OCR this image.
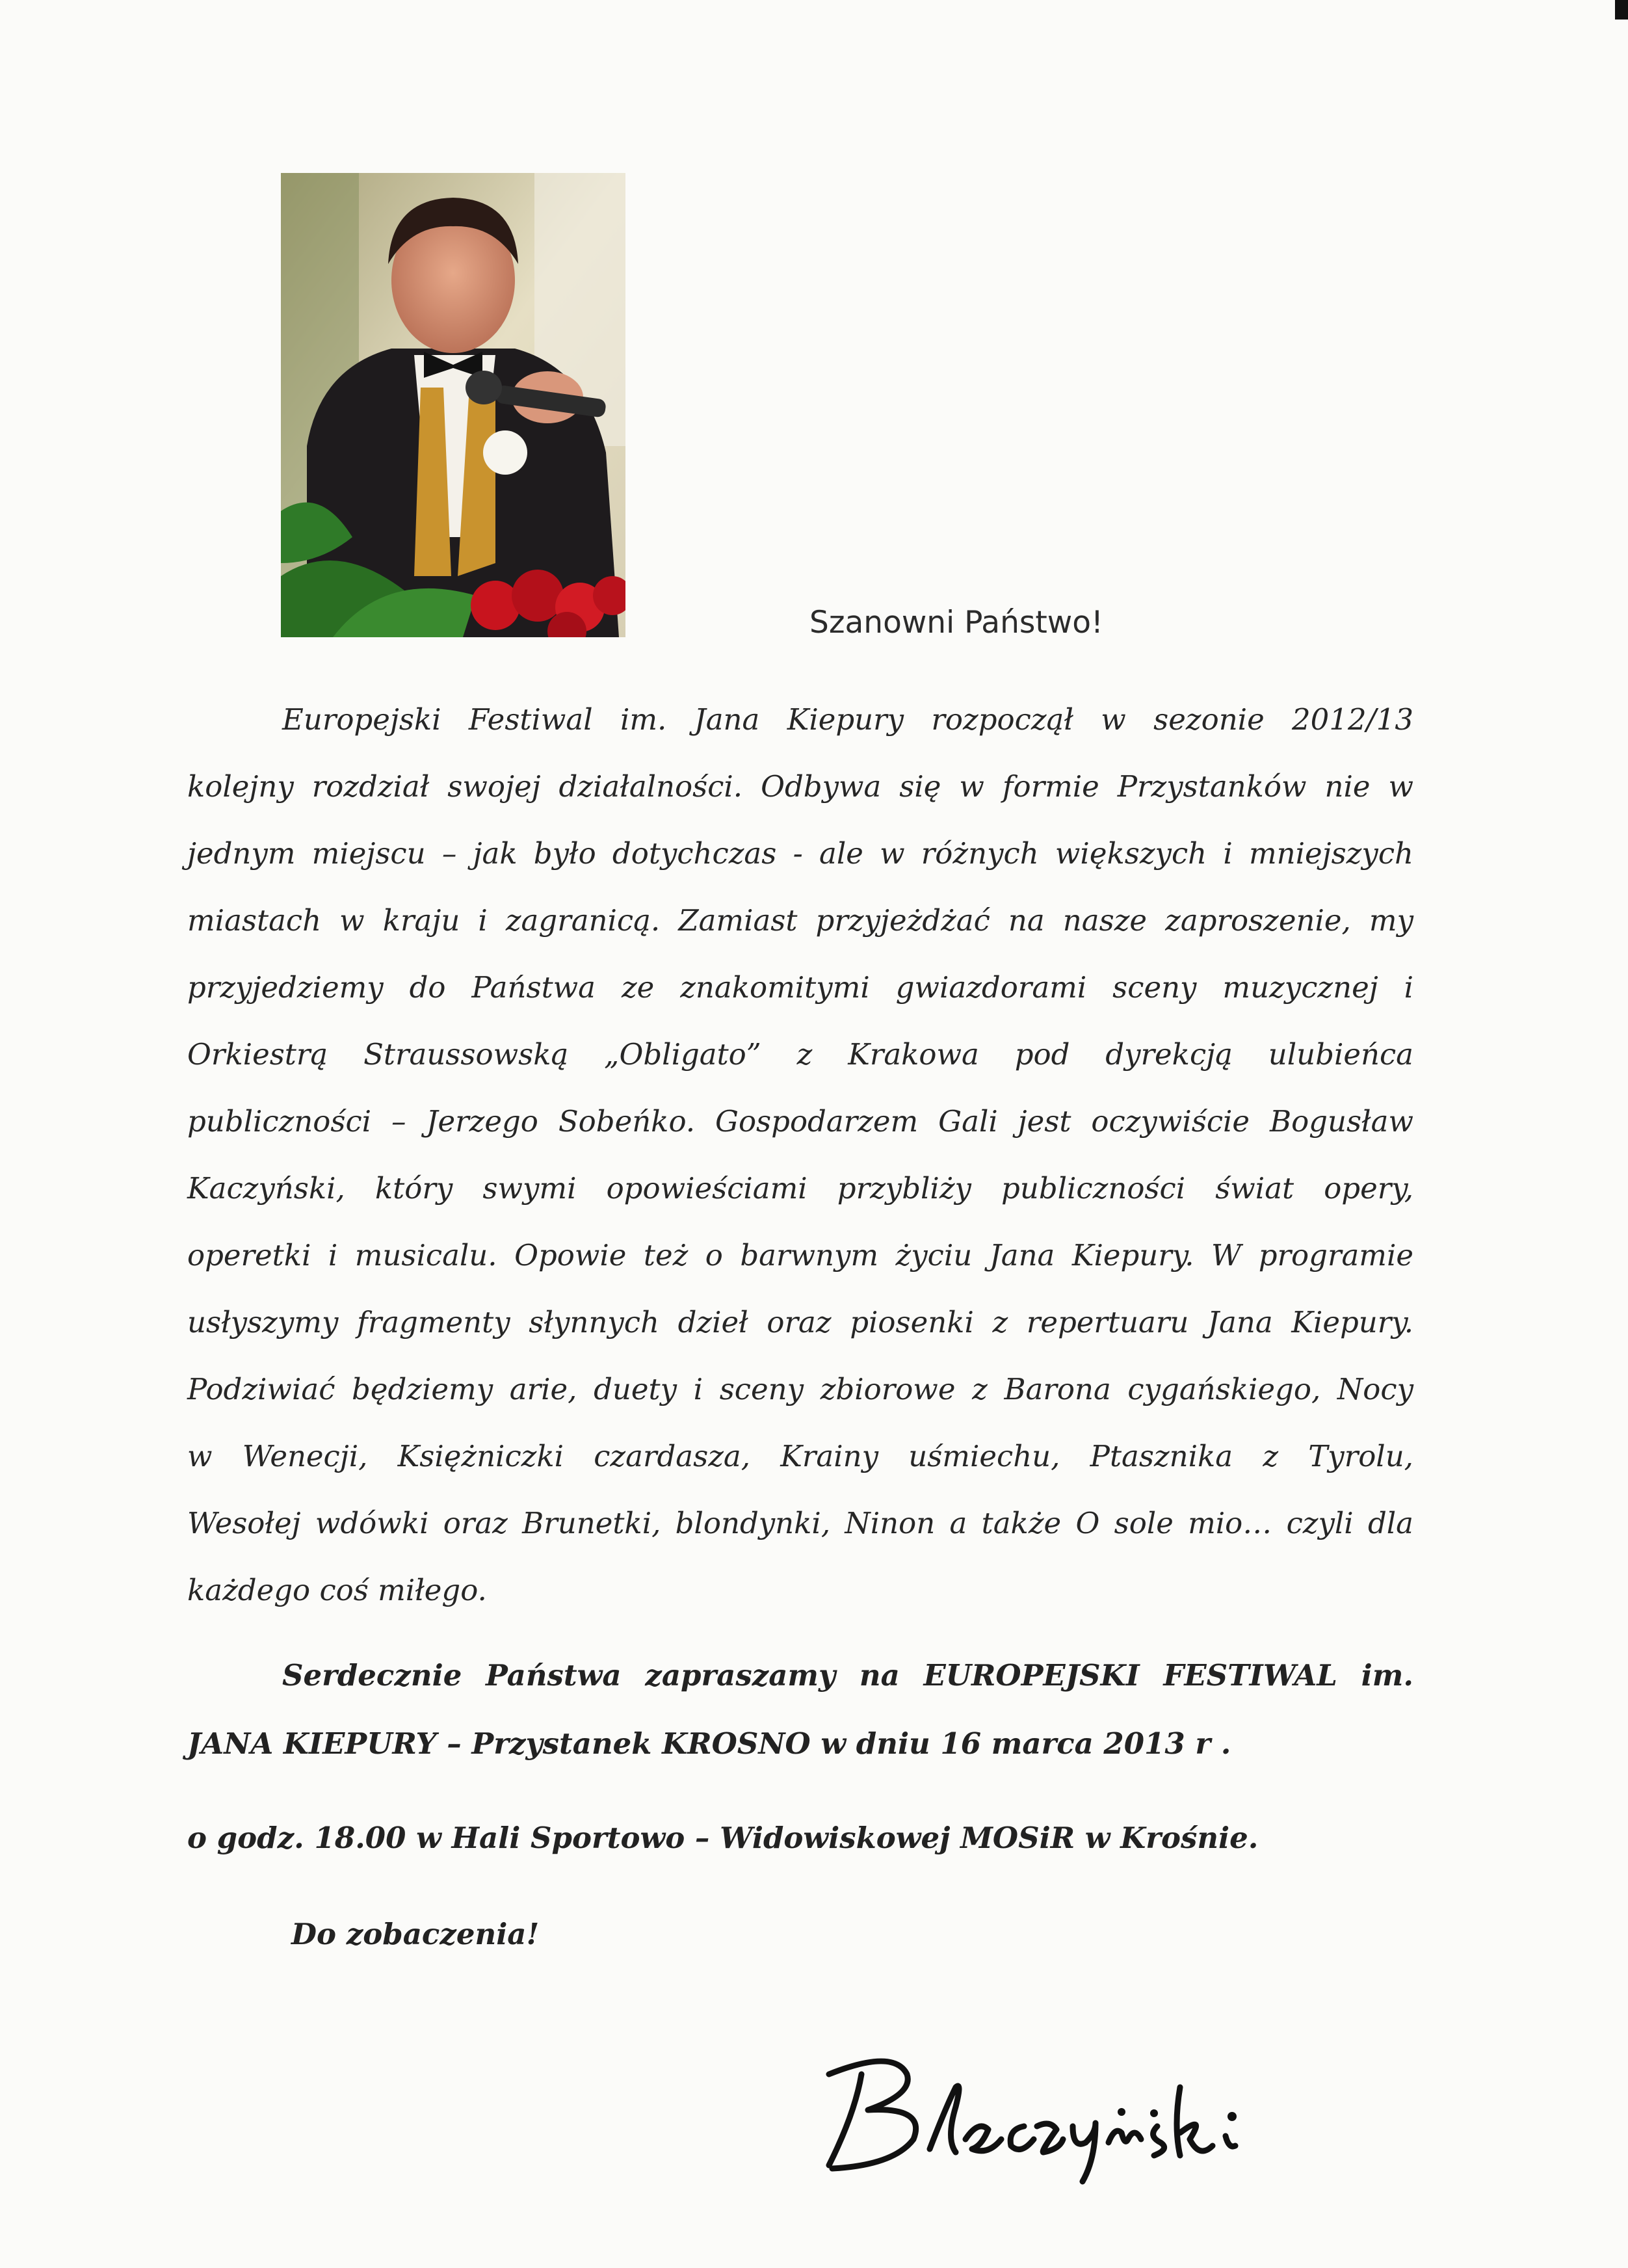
Szanowni Państwo!
Europejski Festiwal im. Jana Kiepury rozpoczął w sezonie 2012/13
kolejny rozdział swojej działalności. Odbywa się w formie Przystanków nie w
jednym miejscu – jak było dotychczas - ale w różnych większych i mniejszych
miastach w kraju i zagranicą. Zamiast przyjeżdżać na nasze zaproszenie, my
przyjedziemy do Państwa ze znakomitymi gwiazdorami sceny muzycznej i
Orkiestrą Straussowską „Obligato” z Krakowa pod dyrekcją ulubieńca
publiczności – Jerzego Sobeńko. Gospodarzem Gali jest oczywiście Bogusław
Kaczyński, który swymi opowieściami przybliży publiczności świat opery,
operetki i musicalu. Opowie też o barwnym życiu Jana Kiepury. W programie
usłyszymy fragmenty słynnych dzieł oraz piosenki z repertuaru Jana Kiepury.
Podziwiać będziemy arie, duety i sceny zbiorowe z Barona cygańskiego, Nocy
w Wenecji, Księżniczki czardasza, Krainy uśmiechu, Ptasznika z Tyrolu,
Wesołej wdówki oraz Brunetki, blondynki, Ninon a także O sole mio… czyli dla
każdego coś miłego.

Serdecznie Państwa zapraszamy na EUROPEJSKI FESTIWAL im.

JANA KIEPURY – Przystanek KROSNO w dniu 16 marca 2013 r .

o godz. 18.00 w Hali Sportowo – Widowiskowej MOSiR w Krośnie.

Do zobaczenia!
